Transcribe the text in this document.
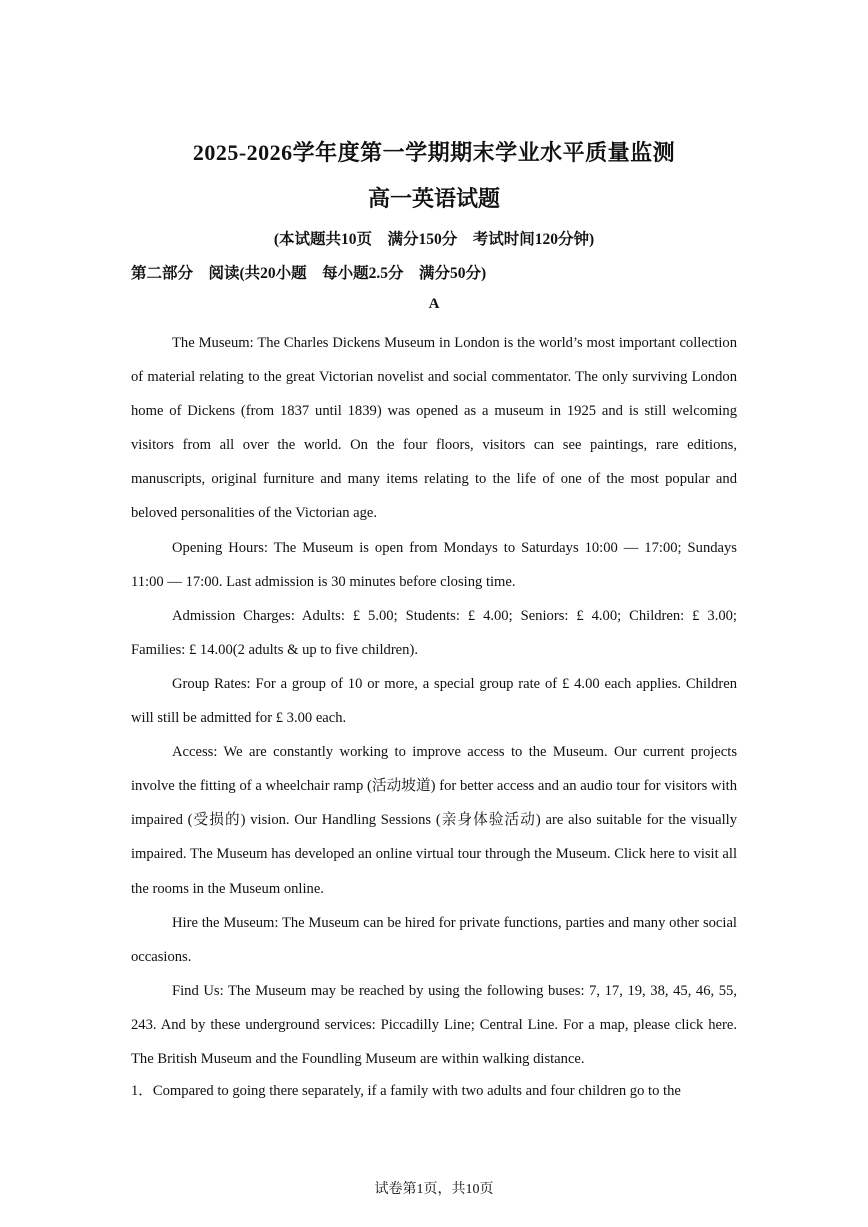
2025-2026学年度第一学期期末学业水平质量监测
高一英语试题
(本试题共10页　满分150分　考试时间120分钟)
第二部分　阅读(共20小题　每小题2.5分　满分50分)
A

The Museum: The Charles Dickens Museum in London is the world’s most important collection of material relating to the great Victorian novelist and social commentator. The only surviving London home of Dickens (from 1837 until 1839) was opened as a museum in 1925 and is still welcoming visitors from all over the world. On the four floors, visitors can see paintings, rare editions, manuscripts, original furniture and many items relating to the life of one of the most popular and beloved personalities of the Victorian age.

Opening Hours: The Museum is open from Mondays to Saturdays 10:00 — 17:00; Sundays 11:00 — 17:00. Last admission is 30 minutes before closing time.

Admission Charges: Adults: £ 5.00; Students: £ 4.00; Seniors: £ 4.00; Children: £ 3.00; Families: £ 14.00(2 adults & up to five children).

Group Rates: For a group of 10 or more, a special group rate of £ 4.00 each applies. Children will still be admitted for £ 3.00 each.

Access: We are constantly working to improve access to the Museum. Our current projects involve the fitting of a wheelchair ramp (活动坡道) for better access and an audio tour for visitors with impaired (受损的) vision. Our Handling Sessions (亲身体验活动) are also suitable for the visually impaired. The Museum has developed an online virtual tour through the Museum. Click here to visit all the rooms in the Museum online.

Hire the Museum: The Museum can be hired for private functions, parties and many other social occasions.

Find Us: The Museum may be reached by using the following buses: 7, 17, 19, 38, 45, 46, 55, 243. And by these underground services: Piccadilly Line; Central Line. For a map, please click here. The British Museum and the Foundling Museum are within walking distance.

1．Compared to going there separately, if a family with two adults and four children go to the
试卷第1页，共10页
